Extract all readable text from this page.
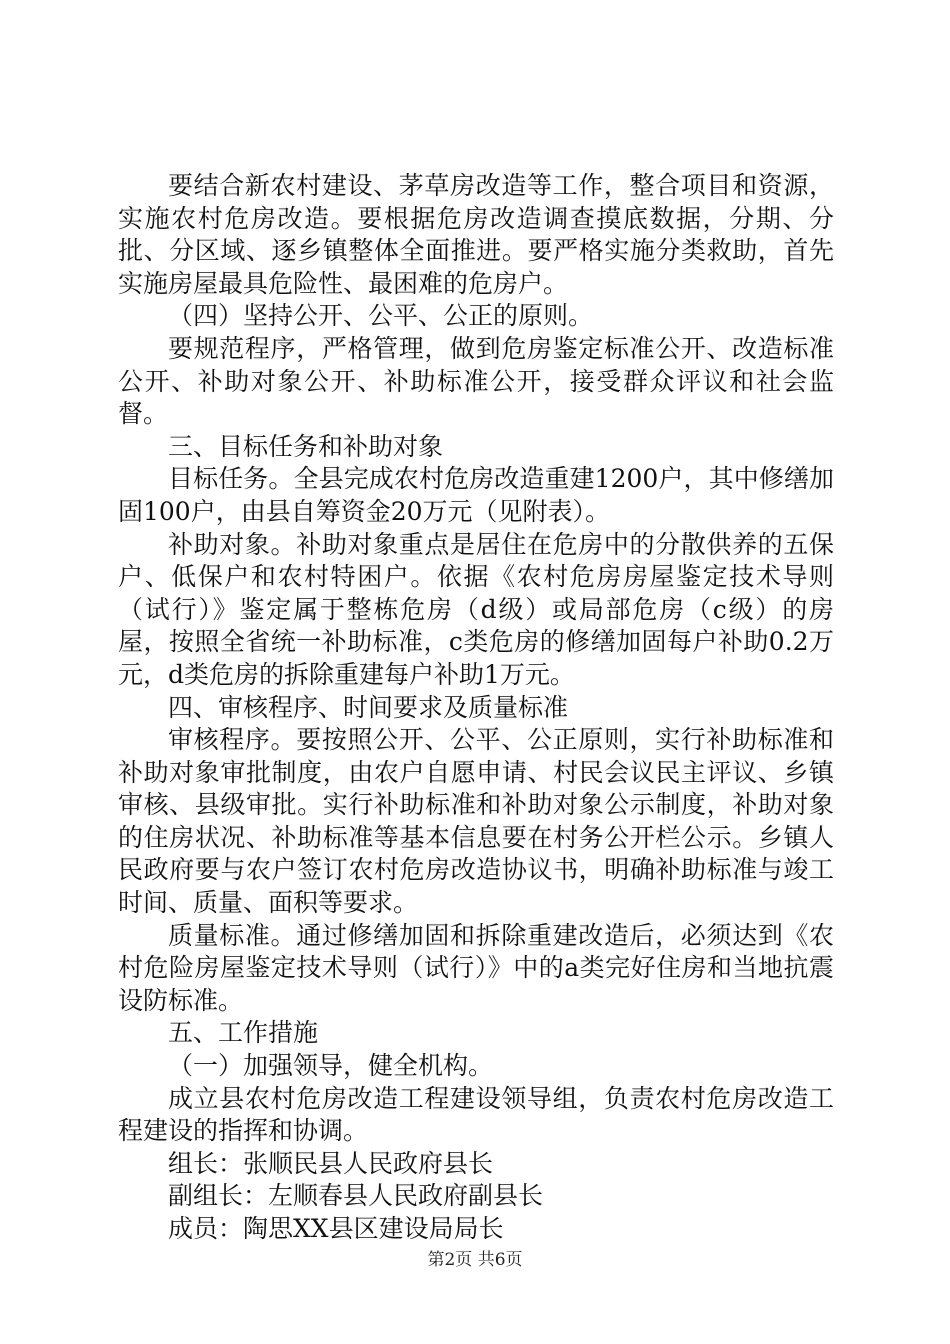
要结合新农村建设、茅草房改造等工作，整合项目和资源，实施农村危房改造。要根据危房改造调查摸底数据，分期、分批、分区域、逐乡镇整体全面推进。要严格实施分类救助，首先实施房屋最具危险性、最困难的危房户。

（四）坚持公开、公平、公正的原则。

要规范程序，严格管理，做到危房鉴定标准公开、改造标准公开、补助对象公开、补助标准公开，接受群众评议和社会监督。

三、目标任务和补助对象

目标任务。全县完成农村危房改造重建1200户，其中修缮加固100户，由县自筹资金20万元（见附表）。

补助对象。补助对象重点是居住在危房中的分散供养的五保户、低保户和农村特困户。依据《农村危房房屋鉴定技术导则（试行）》鉴定属于整栋危房（d级）或局部危房（c级）的房屋，按照全省统一补助标准，c类危房的修缮加固每户补助0.2万元，d类危房的拆除重建每户补助1万元。

四、审核程序、时间要求及质量标准

审核程序。要按照公开、公平、公正原则，实行补助标准和补助对象审批制度，由农户自愿申请、村民会议民主评议、乡镇审核、县级审批。实行补助标准和补助对象公示制度，补助对象的住房状况、补助标准等基本信息要在村务公开栏公示。乡镇人民政府要与农户签订农村危房改造协议书，明确补助标准与竣工时间、质量、面积等要求。

质量标准。通过修缮加固和拆除重建改造后，必须达到《农村危险房屋鉴定技术导则（试行）》中的a类完好住房和当地抗震设防标准。

五、工作措施

（一）加强领导，健全机构。

成立县农村危房改造工程建设领导组，负责农村危房改造工程建设的指挥和协调。

组长：张顺民县人民政府县长

副组长：左顺春县人民政府副县长

成员：陶思XX县区建设局局长

第2页 共6页
